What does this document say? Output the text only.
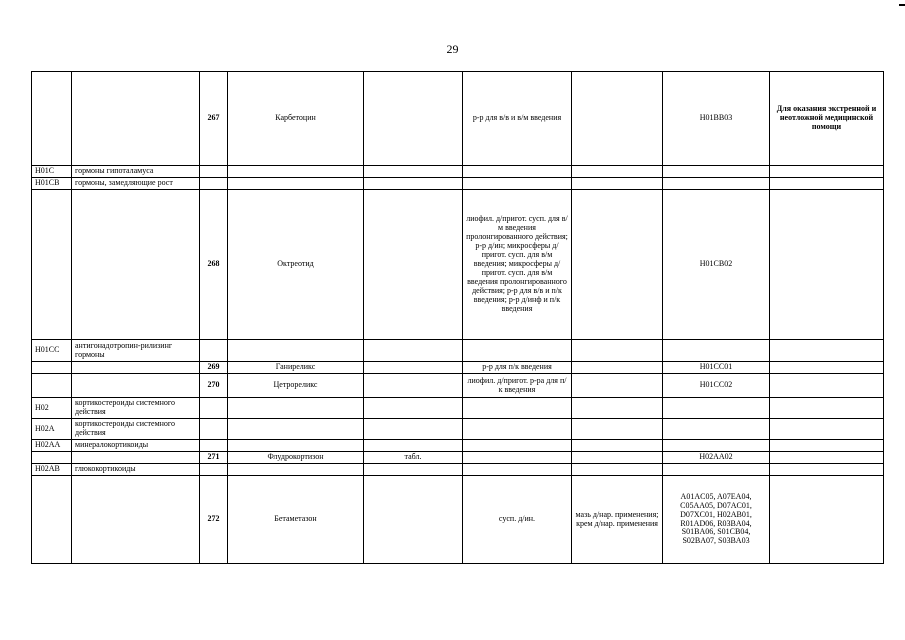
29
		267	Карбетоцин		р-р для в/в и в/м введения		H01BB03	Для оказания экстренной и неотложной медицинской помощи
H01C	гормоны гипоталамуса							
H01CB	гормоны, замедляющие рост							
		268	Октреотид		лиофил. д/пригот. сусп. для в/м введения пролонгированного действия; р-р д/ин; микросферы д/пригот. сусп. для в/м введения; микросферы д/пригот. сусп. для в/м введения пролонгированного действия; р-р для в/в и п/к введения; р-р д/инф и п/к введения		H01CB02	
H01CC	антигонадотропин-рилизинг гормоны							
		269	Ганиреликс		р-р для п/к введения		H01CC01	
		270	Цетрореликс		лиофил. д/пригот. р-ра для п/к введения		H01CC02	
H02	кортикостероиды системного действия							
H02A	кортикостероиды системного действия							
H02AA	минералокортикоиды							
		271	Флудрокортизон	табл.			H02AA02	
H02AB	глюкокортикоиды							
		272	Бетаметазон		сусп. д/ин.	мазь д/нар. применения; крем д/нар. применения	A01AC05, A07EA04, C05AA05, D07AC01, D07XC01, H02AB01, R01AD06, R03BA04, S01BA06, S01CB04, S02BA07, S03BA03	
